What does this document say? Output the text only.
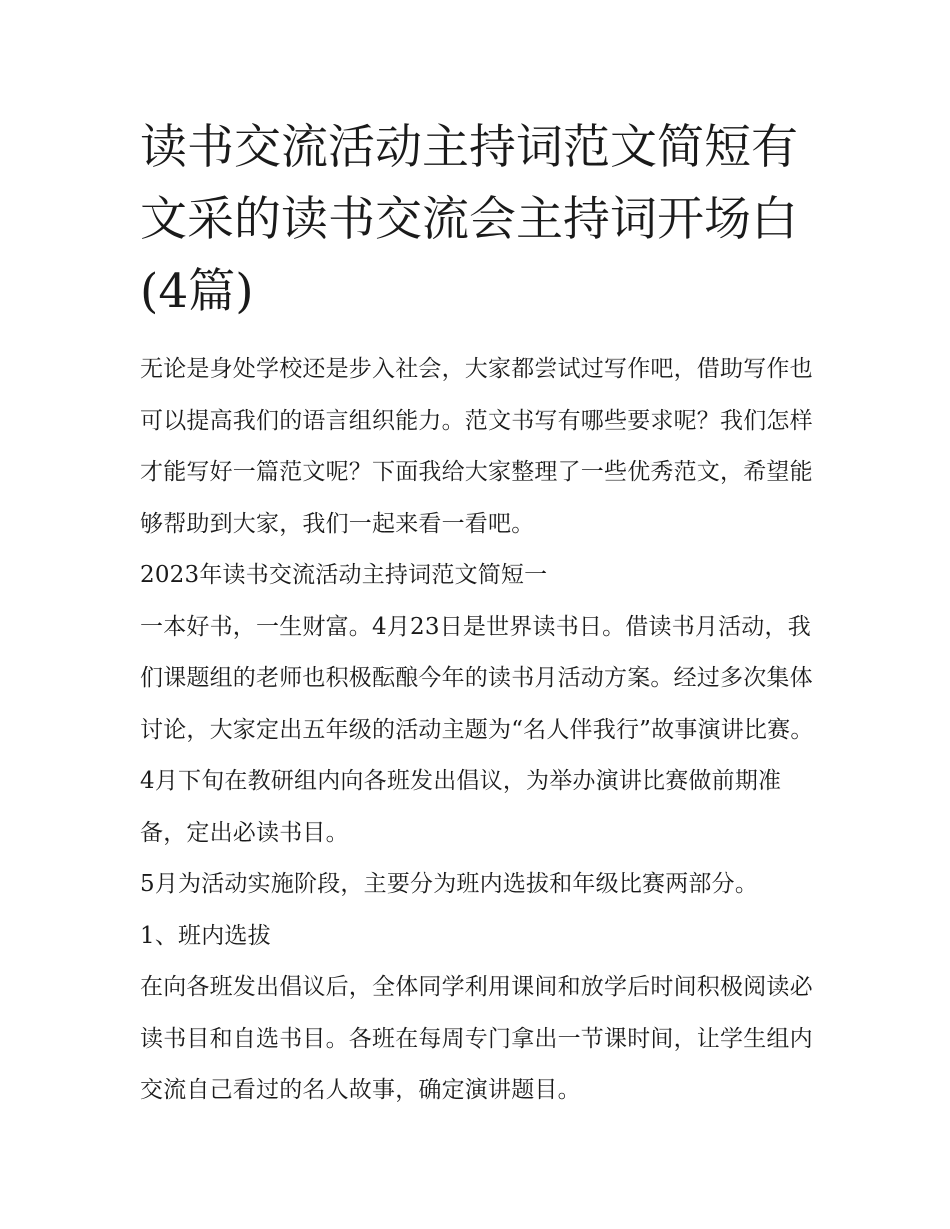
读书交流活动主持词范文简短有文采的读书交流会主持词开场白(4篇)

无论是身处学校还是步入社会，大家都尝试过写作吧，借助写作也可以提高我们的语言组织能力。范文书写有哪些要求呢？我们怎样才能写好一篇范文呢？下面我给大家整理了一些优秀范文，希望能够帮助到大家，我们一起来看一看吧。

2023年读书交流活动主持词范文简短一

一本好书，一生财富。4月23日是世界读书日。借读书月活动，我们课题组的老师也积极酝酿今年的读书月活动方案。经过多次集体讨论，大家定出五年级的活动主题为“名人伴我行”故事演讲比赛。4月下旬在教研组内向各班发出倡议，为举办演讲比赛做前期准备，定出必读书目。

5月为活动实施阶段，主要分为班内选拔和年级比赛两部分。

1、班内选拔

在向各班发出倡议后，全体同学利用课间和放学后时间积极阅读必读书目和自选书目。各班在每周专门拿出一节课时间，让学生组内交流自己看过的名人故事，确定演讲题目。
